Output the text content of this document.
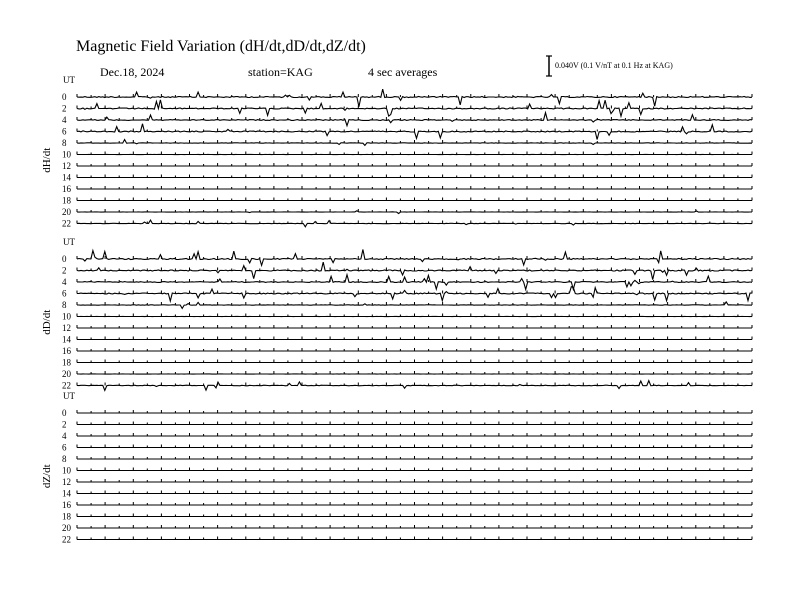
Magnetic Field Variation (dH/dt,dD/dt,dZ/dt)
Dec.18, 2024	station=KAG	4 sec averages	0.040V (0.1 V/nT at 0.1 Hz at KAG)
UT
dH/dt
0
2
4
6
8
10
12
14
16
18
20
22
UT
dD/dt
0
2
4
6
8
10
12
14
16
18
20
22
UT
dZ/dt
0
2
4
6
8
10
12
14
16
18
20
22
